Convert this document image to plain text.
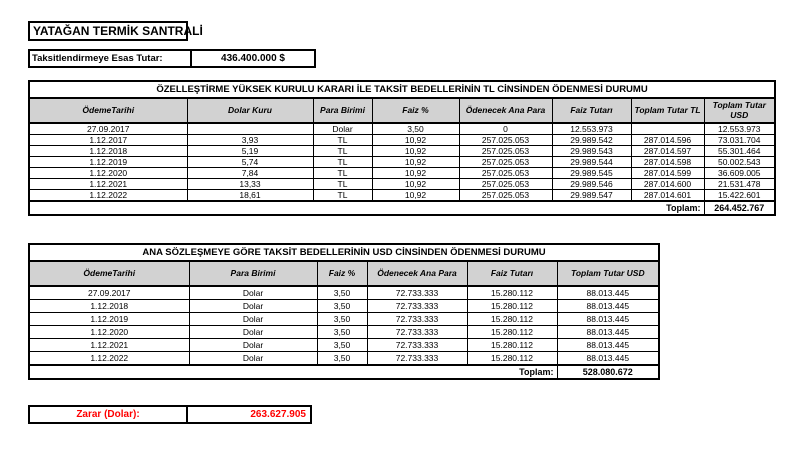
YATAĞAN TERMİK SANTRALİ
Taksitlendirmeye Esas Tutar:	436.400.000 $
ÖZELLEŞTİRME YÜKSEK KURULU KARARI İLE TAKSİT BEDELLERİNİN TL CİNSİNDEN ÖDENMESİ DURUMU							
ÖdemeTarihi	Dolar Kuru	Para Birimi	Faiz %	Ödenecek Ana Para	Faiz Tutarı	Toplam Tutar TL	Toplam Tutar USD
27.09.2017		Dolar	3,50	0	12.553.973		12.553.973
1.12.2017	3,93	TL	10,92	257.025.053	29.989.542	287.014.596	73.031.704
1.12.2018	5,19	TL	10,92	257.025.053	29.989.543	287.014.597	55.301.464
1.12.2019	5,74	TL	10,92	257.025.053	29.989.544	287.014.598	50.002.543
1.12.2020	7,84	TL	10,92	257.025.053	29.989.545	287.014.599	36.609.005
1.12.2021	13,33	TL	10,92	257.025.053	29.989.546	287.014.600	21.531.478
1.12.2022	18,61	TL	10,92	257.025.053	29.989.547	287.014.601	15.422.601
Toplam:							264.452.767
ANA SÖZLEŞMEYE GÖRE TAKSİT BEDELLERİNİN USD CİNSİNDEN ÖDENMESİ DURUMU					
ÖdemeTarihi	Para Birimi	Faiz %	Ödenecek Ana Para	Faiz Tutarı	Toplam Tutar USD
27.09.2017	Dolar	3,50	72.733.333	15.280.112	88.013.445
1.12.2018	Dolar	3,50	72.733.333	15.280.112	88.013.445
1.12.2019	Dolar	3,50	72.733.333	15.280.112	88.013.445
1.12.2020	Dolar	3,50	72.733.333	15.280.112	88.013.445
1.12.2021	Dolar	3,50	72.733.333	15.280.112	88.013.445
1.12.2022	Dolar	3,50	72.733.333	15.280.112	88.013.445
Toplam:					528.080.672
Zarar (Dolar):	263.627.905
